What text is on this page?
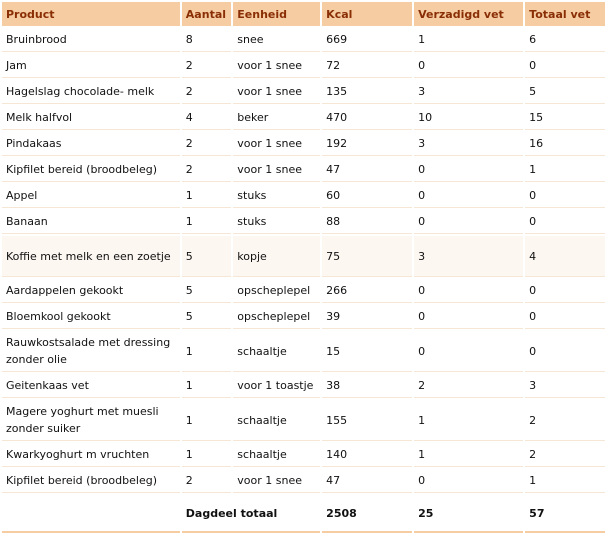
Product	Aantal	Eenheid	Kcal	Verzadigd vet	Totaal vet
Bruinbrood	8	snee	669	1	6
Jam	2	voor 1 snee	72	0	0
Hagelslag chocolade- melk	2	voor 1 snee	135	3	5
Melk halfvol	4	beker	470	10	15
Pindakaas	2	voor 1 snee	192	3	16
Kipfilet bereid (broodbeleg)	2	voor 1 snee	47	0	1
Appel	1	stuks	60	0	0
Banaan	1	stuks	88	0	0
Koffie met melk en een zoetje	5	kopje	75	3	4
Aardappelen gekookt	5	opscheplepel	266	0	0
Bloemkool gekookt	5	opscheplepel	39	0	0
Rauwkostsalade met dressing zonder olie	1	schaaltje	15	0	0
Geitenkaas vet	1	voor 1 toastje	38	2	3
Magere yoghurt met muesli zonder suiker	1	schaaltje	155	1	2
Kwarkyoghurt m vruchten	1	schaaltje	140	1	2
Kipfilet bereid (broodbeleg)	2	voor 1 snee	47	0	1
	Dagdeel totaal		2508	25	57
